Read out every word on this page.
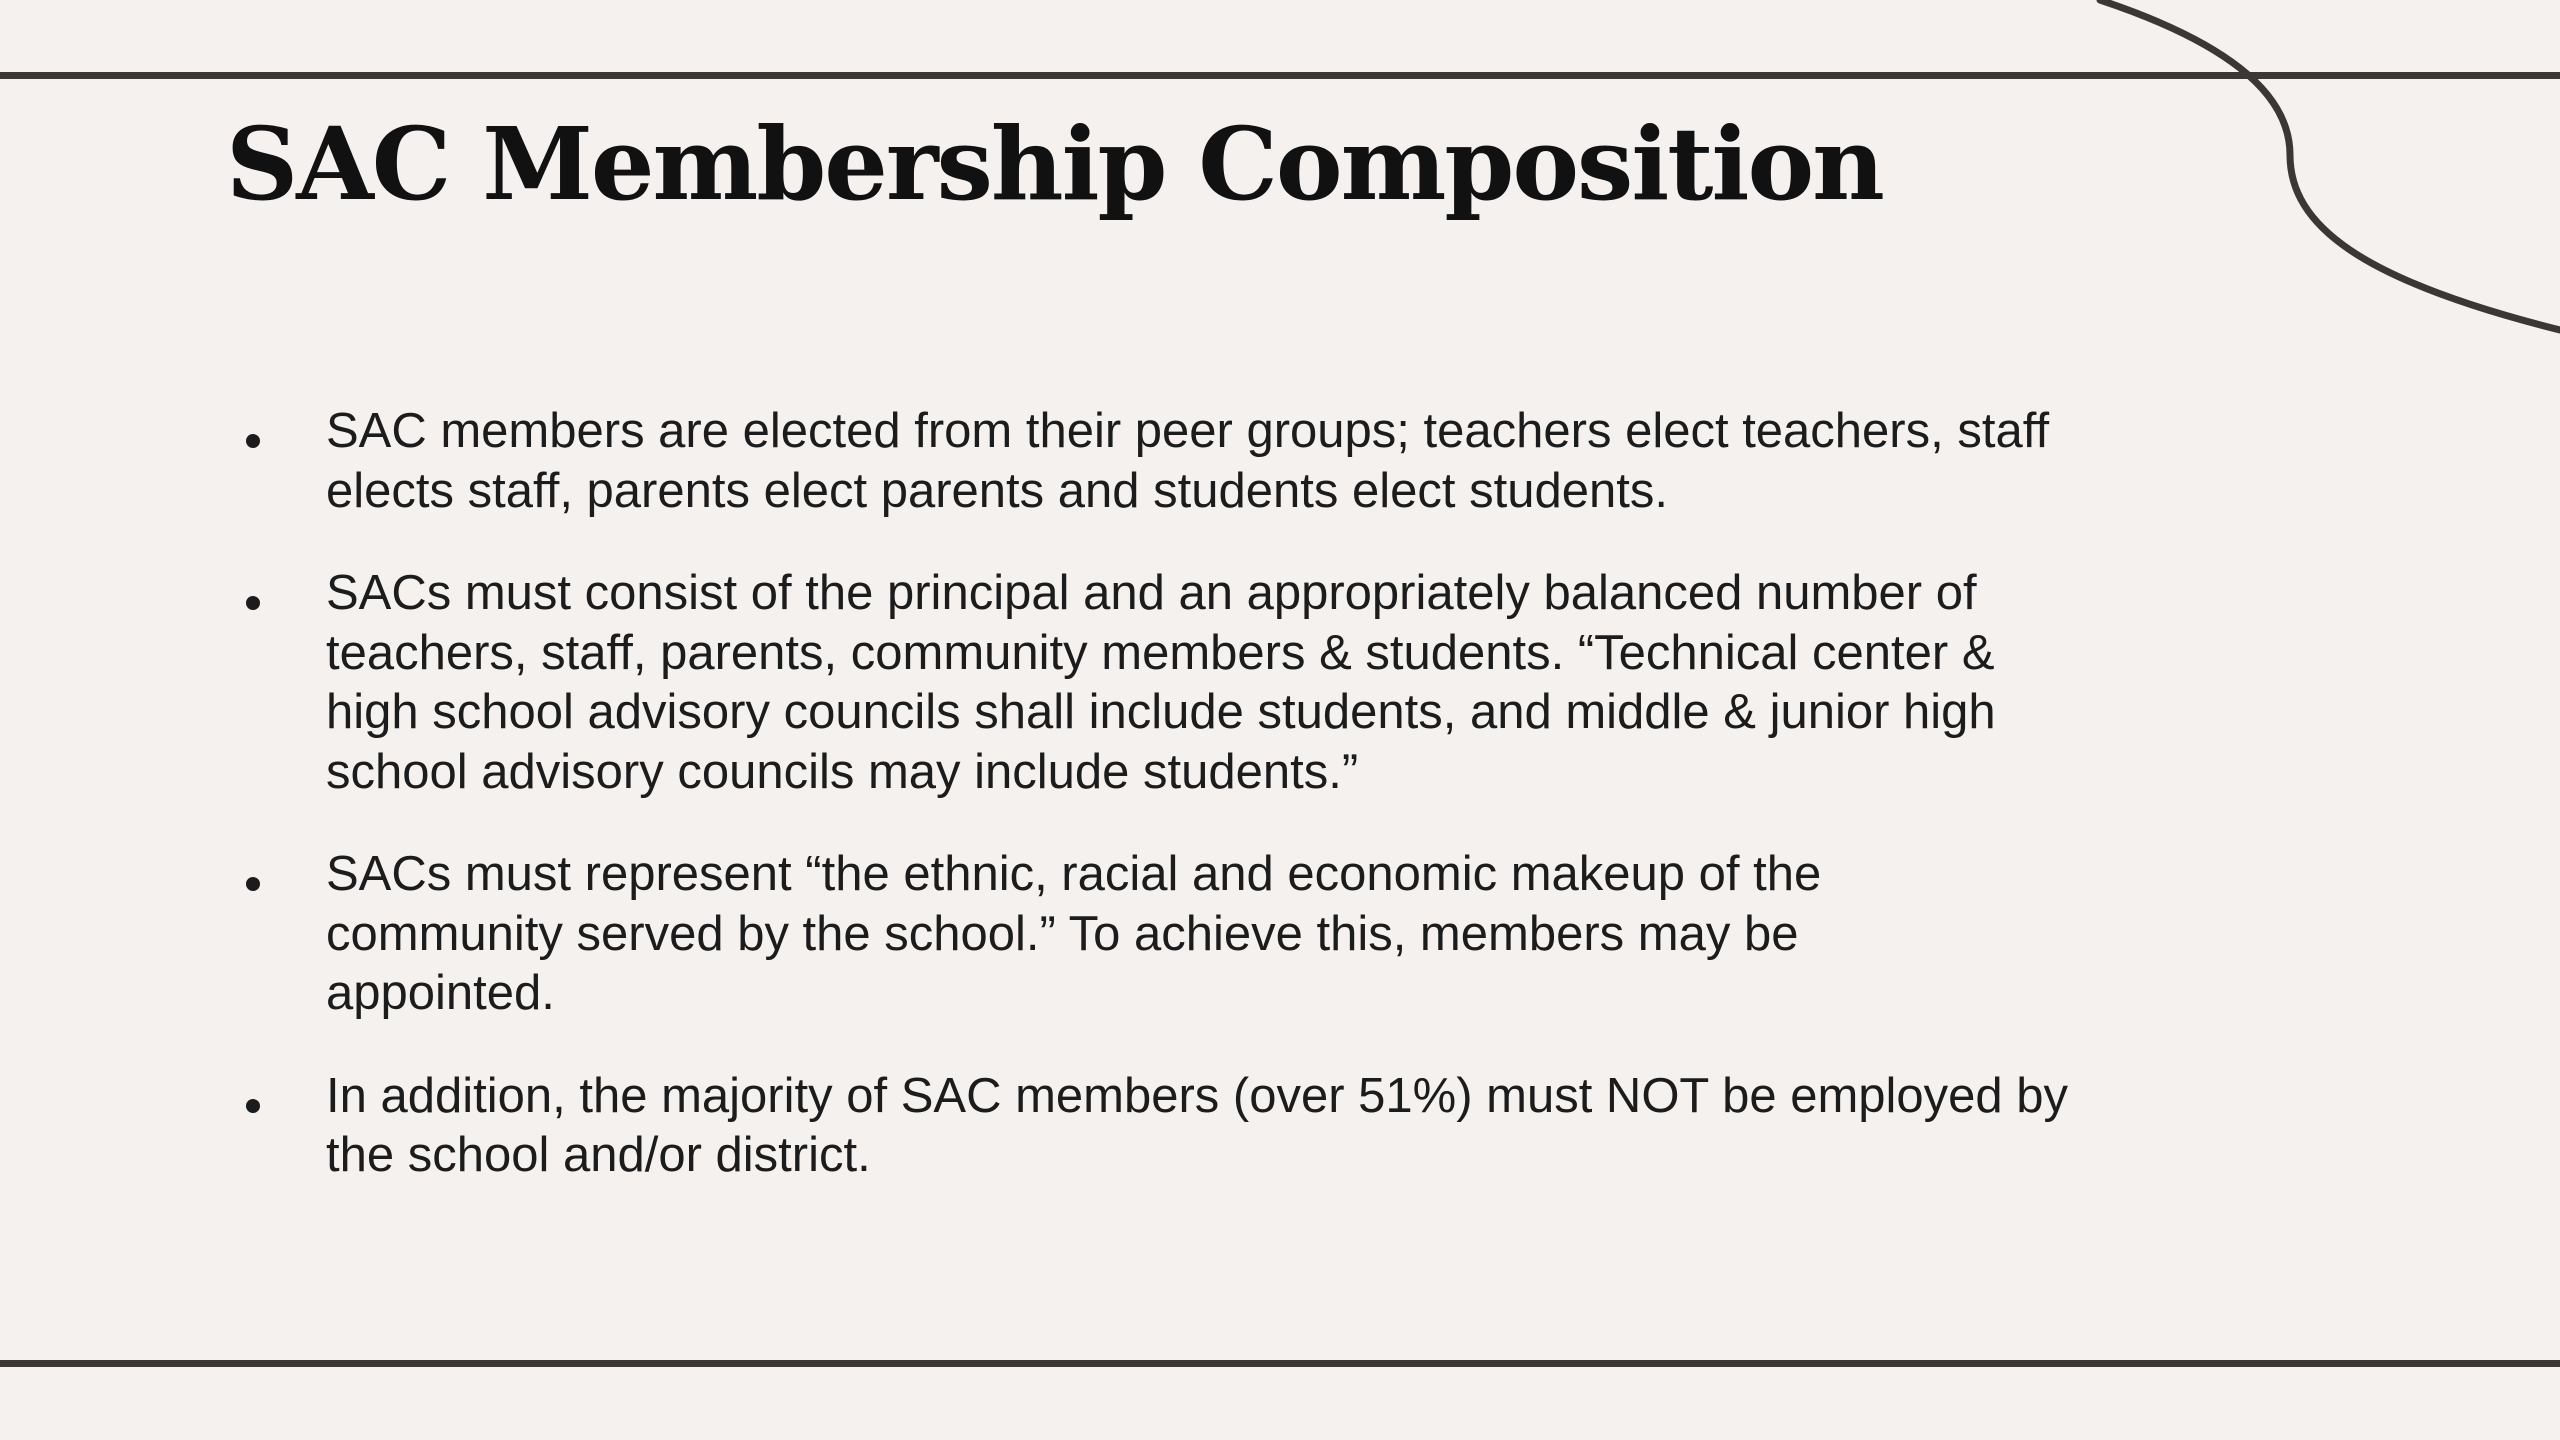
SAC Membership Composition
SAC members are elected from their peer groups; teachers elect teachers, staff
elects staff, parents elect parents and students elect students.
SACs must consist of the principal and an appropriately balanced number of
teachers, staff, parents, community members & students. “Technical center &
high school advisory councils shall include students, and middle & junior high
school advisory councils may include students.”
SACs must represent “the ethnic, racial and economic makeup of the
community served by the school.” To achieve this, members may be
appointed.
In addition, the majority of SAC members (over 51%) must NOT be employed by
the school and/or district.
